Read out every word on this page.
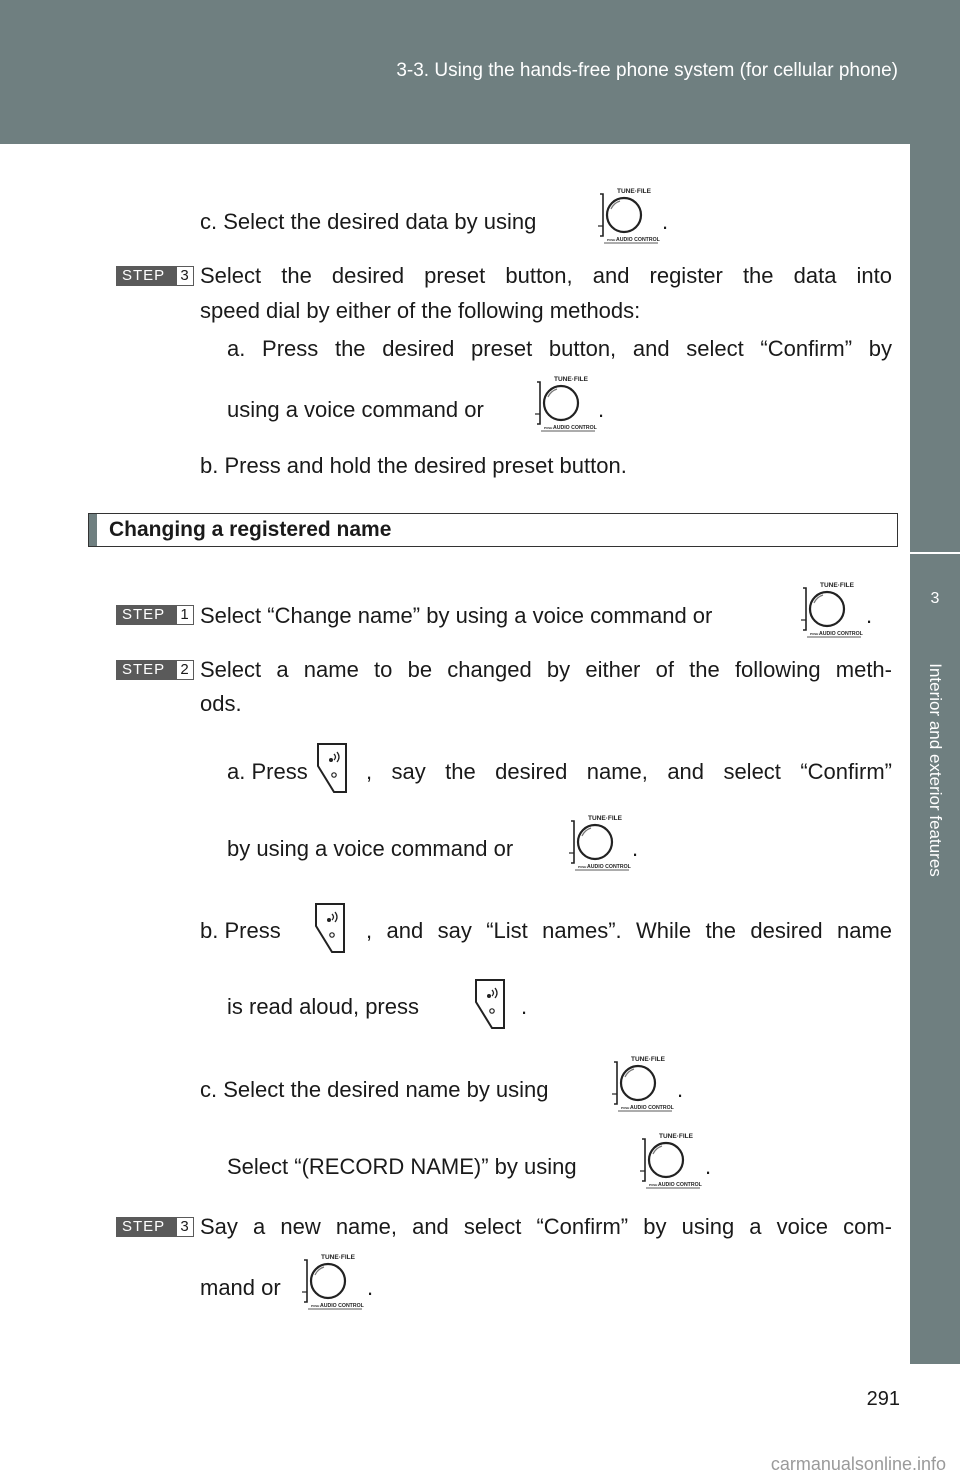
3-3. Using the hands-free phone system (for cellular phone)
3
Interior and exterior features
c. Select the desired data by using
TUNE·FILE
PUSH AUDIO CONTROL
.
STEP 3 Select the desired preset button, and register the data into
speed dial by either of the following methods:
a. Press the desired preset button, and select “Confirm” by
using a voice command or
TUNE·FILE
PUSH AUDIO CONTROL
.
b. Press and hold the desired preset button.
Changing a registered name
STEP 1 Select “Change name” by using a voice command or
TUNE·FILE
PUSH AUDIO CONTROL
.
STEP 2 Select a name to be changed by either of the following meth-
ods.
a. Press	, say the desired name, and select “Confirm”
by using a voice command or
TUNE·FILE
PUSH AUDIO CONTROL
.
b. Press	, and say “List names”. While the desired name
is read aloud, press	.
c. Select the desired name by using
TUNE·FILE
PUSH AUDIO CONTROL
.
Select “(RECORD NAME)” by using
TUNE·FILE
PUSH AUDIO CONTROL
.
STEP 3 Say a new name, and select “Confirm” by using a voice com-
mand or
TUNE·FILE
PUSH AUDIO CONTROL
.
291
carmanualsonline.info
